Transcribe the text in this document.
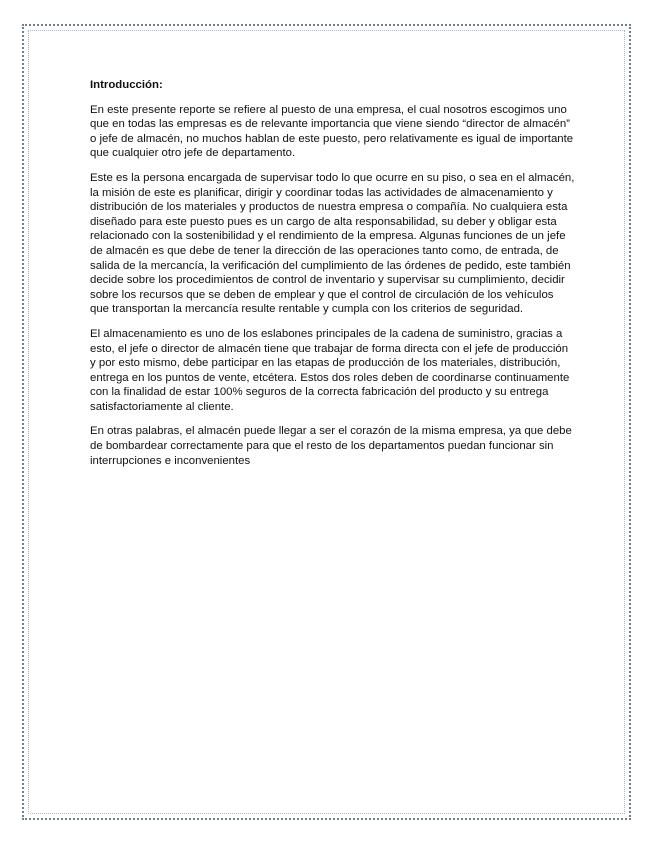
Introducción:

En este presente reporte se refiere al puesto de una empresa, el cual nosotros escogimos uno que en todas las empresas es de relevante importancia que viene siendo “director de almacén” o jefe de almacén, no muchos hablan de este puesto, pero relativamente es igual de importante que cualquier otro jefe de departamento.

Este es la persona encargada de supervisar todo lo que ocurre en su piso, o sea en el almacén, la misión de este es planificar, dirigir y coordinar todas las actividades de almacenamiento y distribución de los materiales y productos de nuestra empresa o compañía. No cualquiera esta diseñado para este puesto pues es un cargo de alta responsabilidad, su deber y obligar esta relacionado con la sostenibilidad y el rendimiento de la empresa. Algunas funciones de un jefe de almacén es que debe de tener la dirección de las operaciones tanto como, de entrada, de salida de la mercancía, la verificación del cumplimiento de las órdenes de pedido, este también decide sobre los procedimientos de control de inventario y supervisar su cumplimiento, decidir sobre los recursos que se deben de emplear y que el control de circulación de los vehículos que transportan la mercancía resulte rentable y cumpla con los criterios de seguridad.

El almacenamiento es uno de los eslabones principales de la cadena de suministro, gracias a esto, el jefe o director de almacén tiene que trabajar de forma directa con el jefe de producción y por esto mismo, debe participar en las etapas de producción de los materiales, distribución, entrega en los puntos de vente, etcétera. Estos dos roles deben de coordinarse continuamente con la finalidad de estar 100% seguros de la correcta fabricación del producto y su entrega satisfactoriamente al cliente.

En otras palabras, el almacén puede llegar a ser el corazón de la misma empresa, ya que debe de bombardear correctamente para que el resto de los departamentos puedan funcionar sin interrupciones e inconvenientes
